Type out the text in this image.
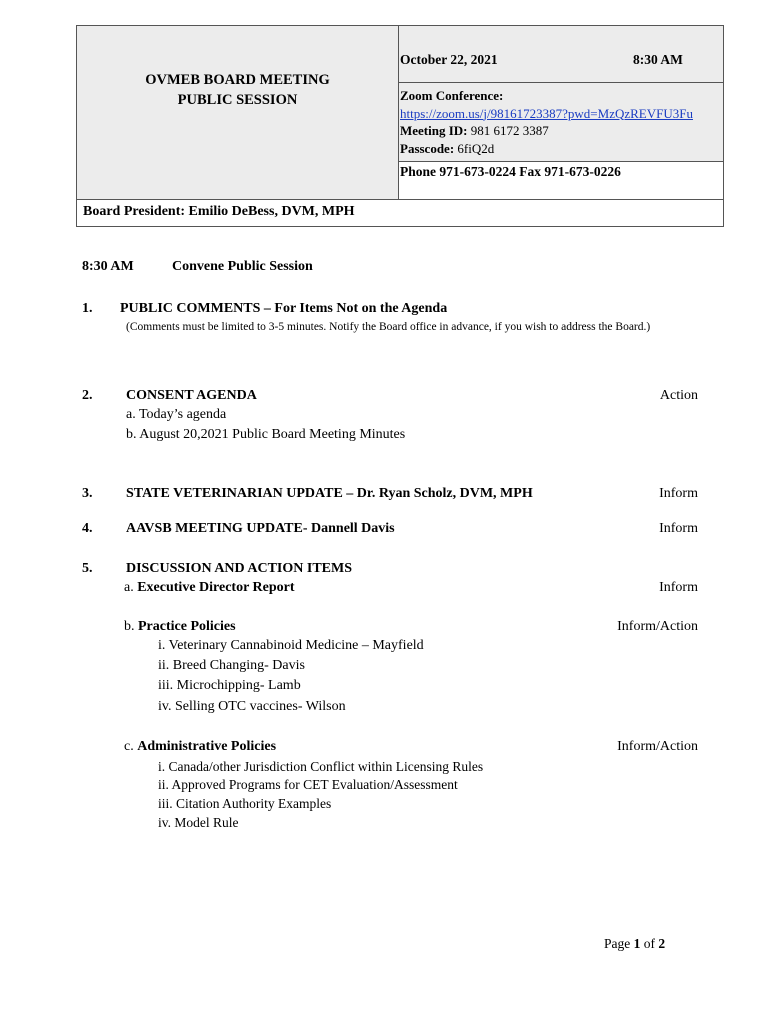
OVMEB BOARD MEETING
PUBLIC SESSION
October 22, 2021	8:30 AM
Zoom Conference:
https://zoom.us/j/98161723387?pwd=MzQzREVFU3Fu
Meeting ID: 981 6172 3387
Passcode: 6fiQ2d
Phone 971-673-0224 Fax 971-673-0226
Board President: Emilio DeBess, DVM, MPH
8:30 AM	Convene Public Session
1. PUBLIC COMMENTS – For Items Not on the Agenda
(Comments must be limited to 3-5 minutes. Notify the Board office in advance, if you wish to address the Board.)
2. CONSENT AGENDA	Action
a. Today’s agenda
b. August 20,2021 Public Board Meeting Minutes
3. STATE VETERINARIAN UPDATE – Dr. Ryan Scholz, DVM, MPH	Inform
4. AAVSB MEETING UPDATE- Dannell Davis	Inform
5. DISCUSSION AND ACTION ITEMS
a. Executive Director Report	Inform
b. Practice Policies	Inform/Action
i. Veterinary Cannabinoid Medicine – Mayfield
ii. Breed Changing- Davis
iii. Microchipping- Lamb
iv. Selling OTC vaccines- Wilson
c. Administrative Policies	Inform/Action
i. Canada/other Jurisdiction Conflict within Licensing Rules
ii. Approved Programs for CET Evaluation/Assessment
iii. Citation Authority Examples
iv. Model Rule
Page 1 of 2
